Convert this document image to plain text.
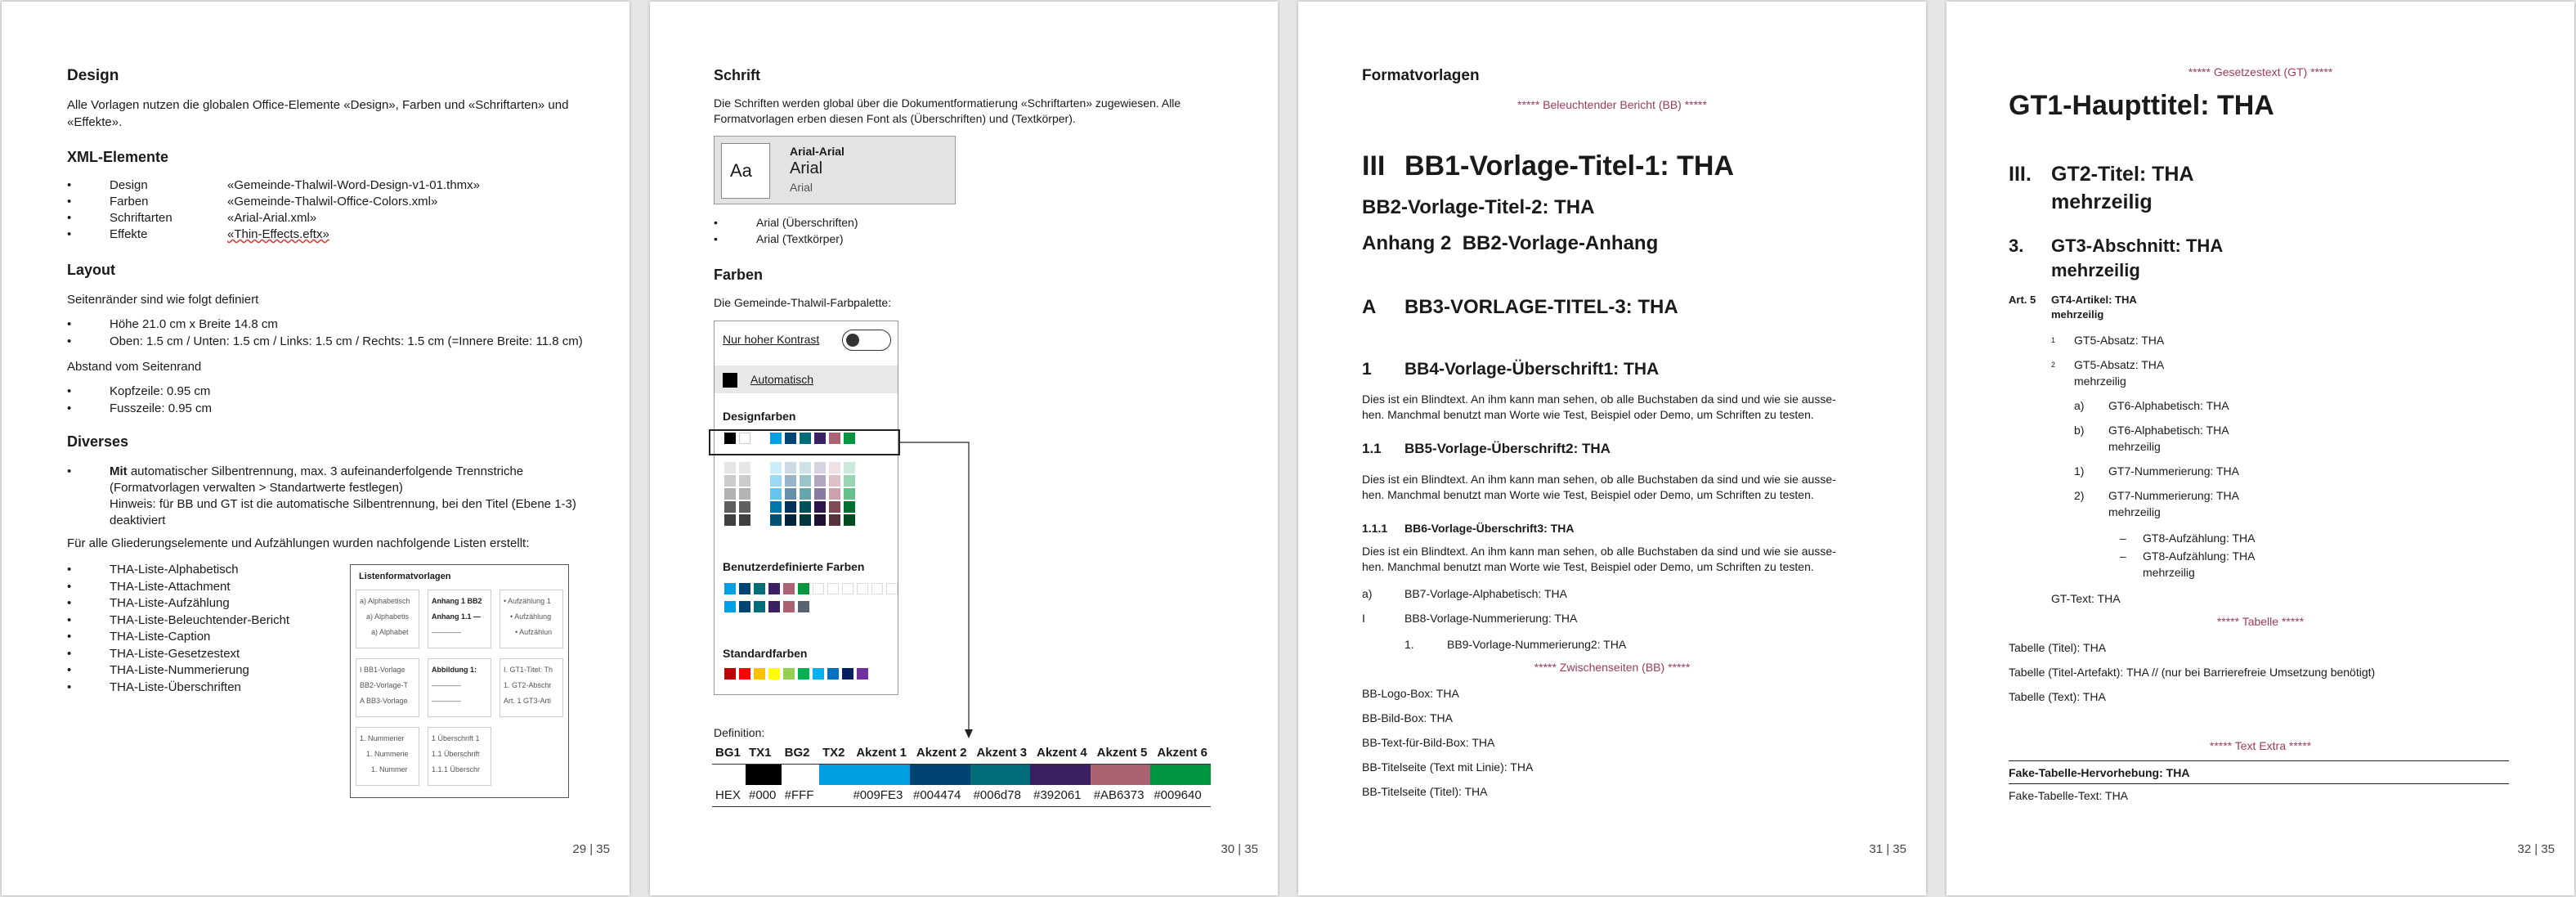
Design
Alle Vorlagen nutzen die globalen Office-Elemente «Design», Farben und «Schriftarten» und «Effekte».
XML-Elemente
•	Design	«Gemeinde-Thalwil-Word-Design-v1-01.thmx»
•	Farben	«Gemeinde-Thalwil-Office-Colors.xml»
•	Schriftarten	«Arial-Arial.xml»
•	Effekte	«Thin-Effects.eftx»
Layout
Seitenränder sind wie folgt definiert
•	Höhe 21.0 cm x Breite 14.8 cm
•	Oben: 1.5 cm / Unten: 1.5 cm / Links: 1.5 cm / Rechts: 1.5 cm (=Innere Breite: 11.8 cm)
Abstand vom Seitenrand
•	Kopfzeile: 0.95 cm
•	Fusszeile: 0.95 cm
Diverses
•	Mit automatischer Silbentrennung, max. 3 aufeinanderfolgende Trennstriche
(Formatvorlagen verwalten > Standartwerte festlegen)
Hinweis: für BB und GT ist die automatische Silbentrennung, bei den Titel (Ebene 1-3)
deaktiviert
Für alle Gliederungselemente und Aufzählungen wurden nachfolgende Listen erstellt:
•	THA-Liste-Alphabetisch
•	THA-Liste-Attachment
•	THA-Liste-Aufzählung
•	THA-Liste-Beleuchtender-Bericht
•	THA-Liste-Caption
•	THA-Liste-Gesetzestext
•	THA-Liste-Nummerierung
•	THA-Liste-Überschriften
Listenformatvorlagen
a) Alphabetisch
a) Alphabetis
a) Alphabet
Anhang 1 BB2
Anhang 1.1 —
————
• Aufzählung 1
• Aufzählung
• Aufzählun
I BB1-Vorlage
BB2-Vorlage-T
A BB3-Vorlage
Abbildung 1:
————
————
I. GT1-Titel: Th
1. GT2-Abschr
Art. 1 GT3-Arti
1. Nummerier
1. Nummerie
1. Nummer
1 Überschrift 1
1.1 Überschrift
1.1.1 Überschr
29 | 35
Schrift
Die Schriften werden global über die Dokumentformatierung «Schriftarten» zugewiesen. Alle
Formatvorlagen erben diesen Font als (Überschriften) und (Textkörper).
Aa
Arial-Arial
Arial
Arial
•	Arial (Überschriften)
•	Arial (Textkörper)
Farben
Die Gemeinde-Thalwil-Farbpalette:
Nur hoher Kontrast
Automatisch
Designfarben
Benutzerdefinierte Farben
Standardfarben
Definition:
BG1	TX1	BG2	TX2	Akzent 1	Akzent 2	Akzent 3	Akzent 4	Akzent 5	Akzent 6

HEX	#000	#FFF		#009FE3	#004474	#006d78	#392061	#AB6373	#009640
30 | 35
Formatvorlagen
***** Beleuchtender Bericht (BB) *****
III BB1-Vorlage-Titel-1: THA
BB2-Vorlage-Titel-2: THA
Anhang 2 BB2-Vorlage-Anhang
A BB3-VORLAGE-TITEL-3: THA
1 BB4-Vorlage-Überschrift1: THA
Dies ist ein Blindtext. An ihm kann man sehen, ob alle Buchstaben da sind und wie sie ausse-
hen. Manchmal benutzt man Worte wie Test, Beispiel oder Demo, um Schriften zu testen.
1.1 BB5-Vorlage-Überschrift2: THA
Dies ist ein Blindtext. An ihm kann man sehen, ob alle Buchstaben da sind und wie sie ausse-
hen. Manchmal benutzt man Worte wie Test, Beispiel oder Demo, um Schriften zu testen.
1.1.1 BB6-Vorlage-Überschrift3: THA
Dies ist ein Blindtext. An ihm kann man sehen, ob alle Buchstaben da sind und wie sie ausse-
hen. Manchmal benutzt man Worte wie Test, Beispiel oder Demo, um Schriften zu testen.
a)	BB7-Vorlage-Alphabetisch: THA
I	BB8-Vorlage-Nummerierung: THA
1.	BB9-Vorlage-Nummerierung2: THA
***** Zwischenseiten (BB) *****
BB-Logo-Box: THA
BB-Bild-Box: THA
BB-Text-für-Bild-Box: THA
BB-Titelseite (Text mit Linie): THA
BB-Titelseite (Titel): THA
31 | 35
***** Gesetzestext (GT) *****
GT1-Haupttitel: THA
III. GT2-Titel: THA
mehrzeilig
3. GT3-Abschnitt: THA
mehrzeilig
Art. 5 GT4-Artikel: THA
mehrzeilig
$^1$ GT5-Absatz: THA
$^2$ GT5-Absatz: THA
mehrzeilig
a) GT6-Alphabetisch: THA
b) GT6-Alphabetisch: THA
mehrzeilig
1) GT7-Nummerierung: THA
2) GT7-Nummerierung: THA
mehrzeilig
– GT8-Aufzählung: THA
– GT8-Aufzählung: THA
mehrzeilig
GT-Text: THA
***** Tabelle *****
Tabelle (Titel): THA
Tabelle (Titel-Artefakt): THA // (nur bei Barrierefreie Umsetzung benötigt)
Tabelle (Text): THA
***** Text Extra *****
Fake-Tabelle-Hervorhebung: THA
Fake-Tabelle-Text: THA
32 | 35
